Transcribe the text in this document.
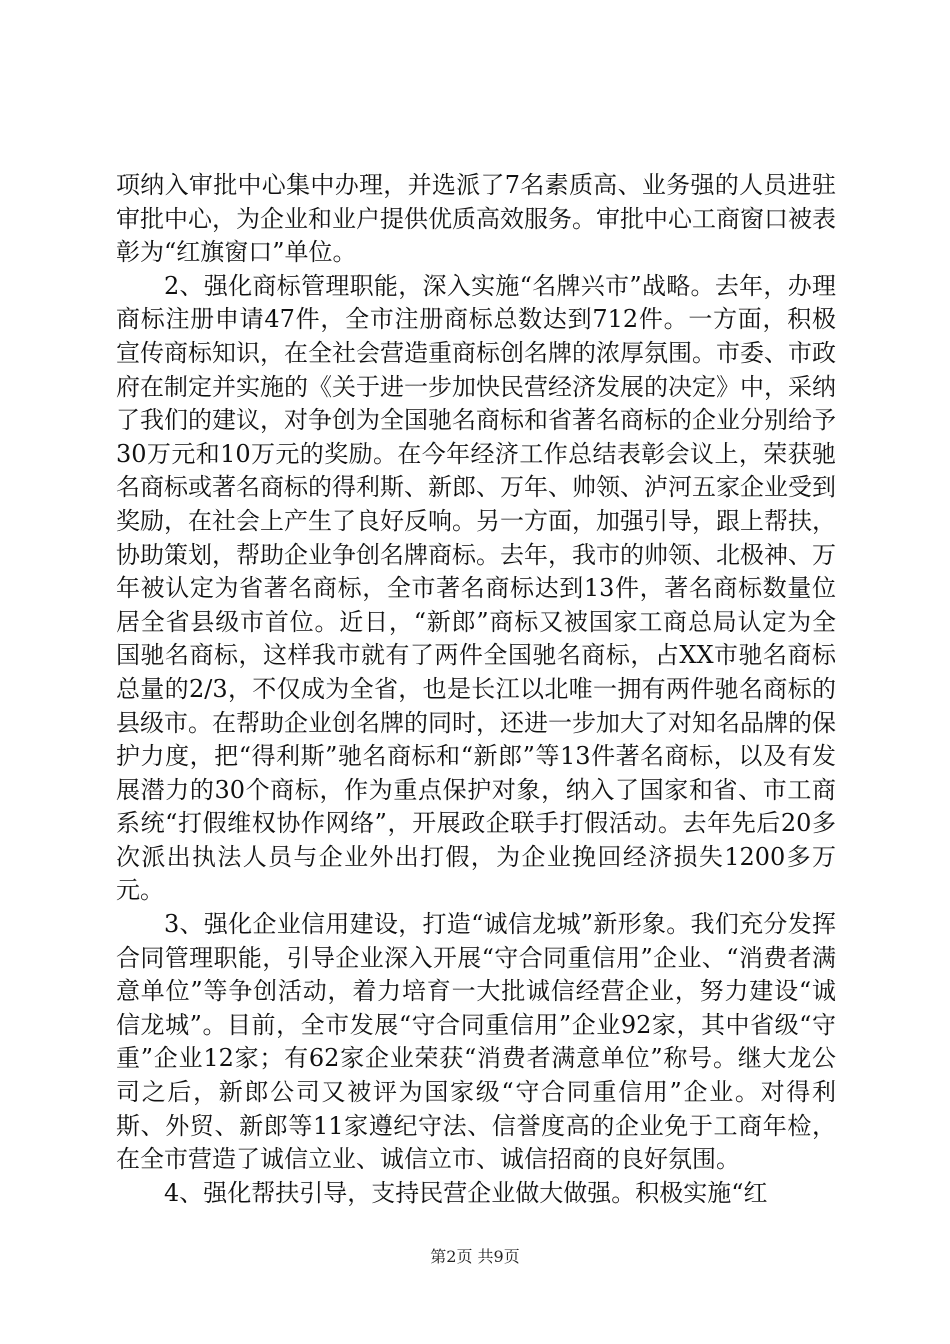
项纳入审批中心集中办理，并选派了7名素质高、业务强的人员进驻审批中心，为企业和业户提供优质高效服务。审批中心工商窗口被表彰为“红旗窗口”单位。

2、强化商标管理职能，深入实施“名牌兴市”战略。去年，办理商标注册申请47件，全市注册商标总数达到712件。一方面，积极宣传商标知识，在全社会营造重商标创名牌的浓厚氛围。市委、市政府在制定并实施的《关于进一步加快民营经济发展的决定》中，采纳了我们的建议，对争创为全国驰名商标和省著名商标的企业分别给予30万元和10万元的奖励。在今年经济工作总结表彰会议上，荣获驰名商标或著名商标的得利斯、新郎、万年、帅领、泸河五家企业受到奖励，在社会上产生了良好反响。另一方面，加强引导，跟上帮扶，协助策划，帮助企业争创名牌商标。去年，我市的帅领、北极神、万年被认定为省著名商标，全市著名商标达到13件，著名商标数量位居全省县级市首位。近日，“新郎”商标又被国家工商总局认定为全国驰名商标，这样我市就有了两件全国驰名商标，占XX市驰名商标总量的2/3，不仅成为全省，也是长江以北唯一拥有两件驰名商标的县级市。在帮助企业创名牌的同时，还进一步加大了对知名品牌的保护力度，把“得利斯”驰名商标和“新郎”等13件著名商标，以及有发展潜力的30个商标，作为重点保护对象，纳入了国家和省、市工商系统“打假维权协作网络”，开展政企联手打假活动。去年先后20多次派出执法人员与企业外出打假，为企业挽回经济损失1200多万元。

3、强化企业信用建设，打造“诚信龙城”新形象。我们充分发挥合同管理职能，引导企业深入开展“守合同重信用”企业、“消费者满意单位”等争创活动，着力培育一大批诚信经营企业，努力建设“诚信龙城”。目前，全市发展“守合同重信用”企业92家，其中省级“守重”企业12家；有62家企业荣获“消费者满意单位”称号。继大龙公司之后，新郎公司又被评为国家级“守合同重信用”企业。对得利斯、外贸、新郎等11家遵纪守法、信誉度高的企业免于工商年检，在全市营造了诚信立业、诚信立市、诚信招商的良好氛围。

4、强化帮扶引导，支持民营企业做大做强。积极实施“红

第2页 共9页
